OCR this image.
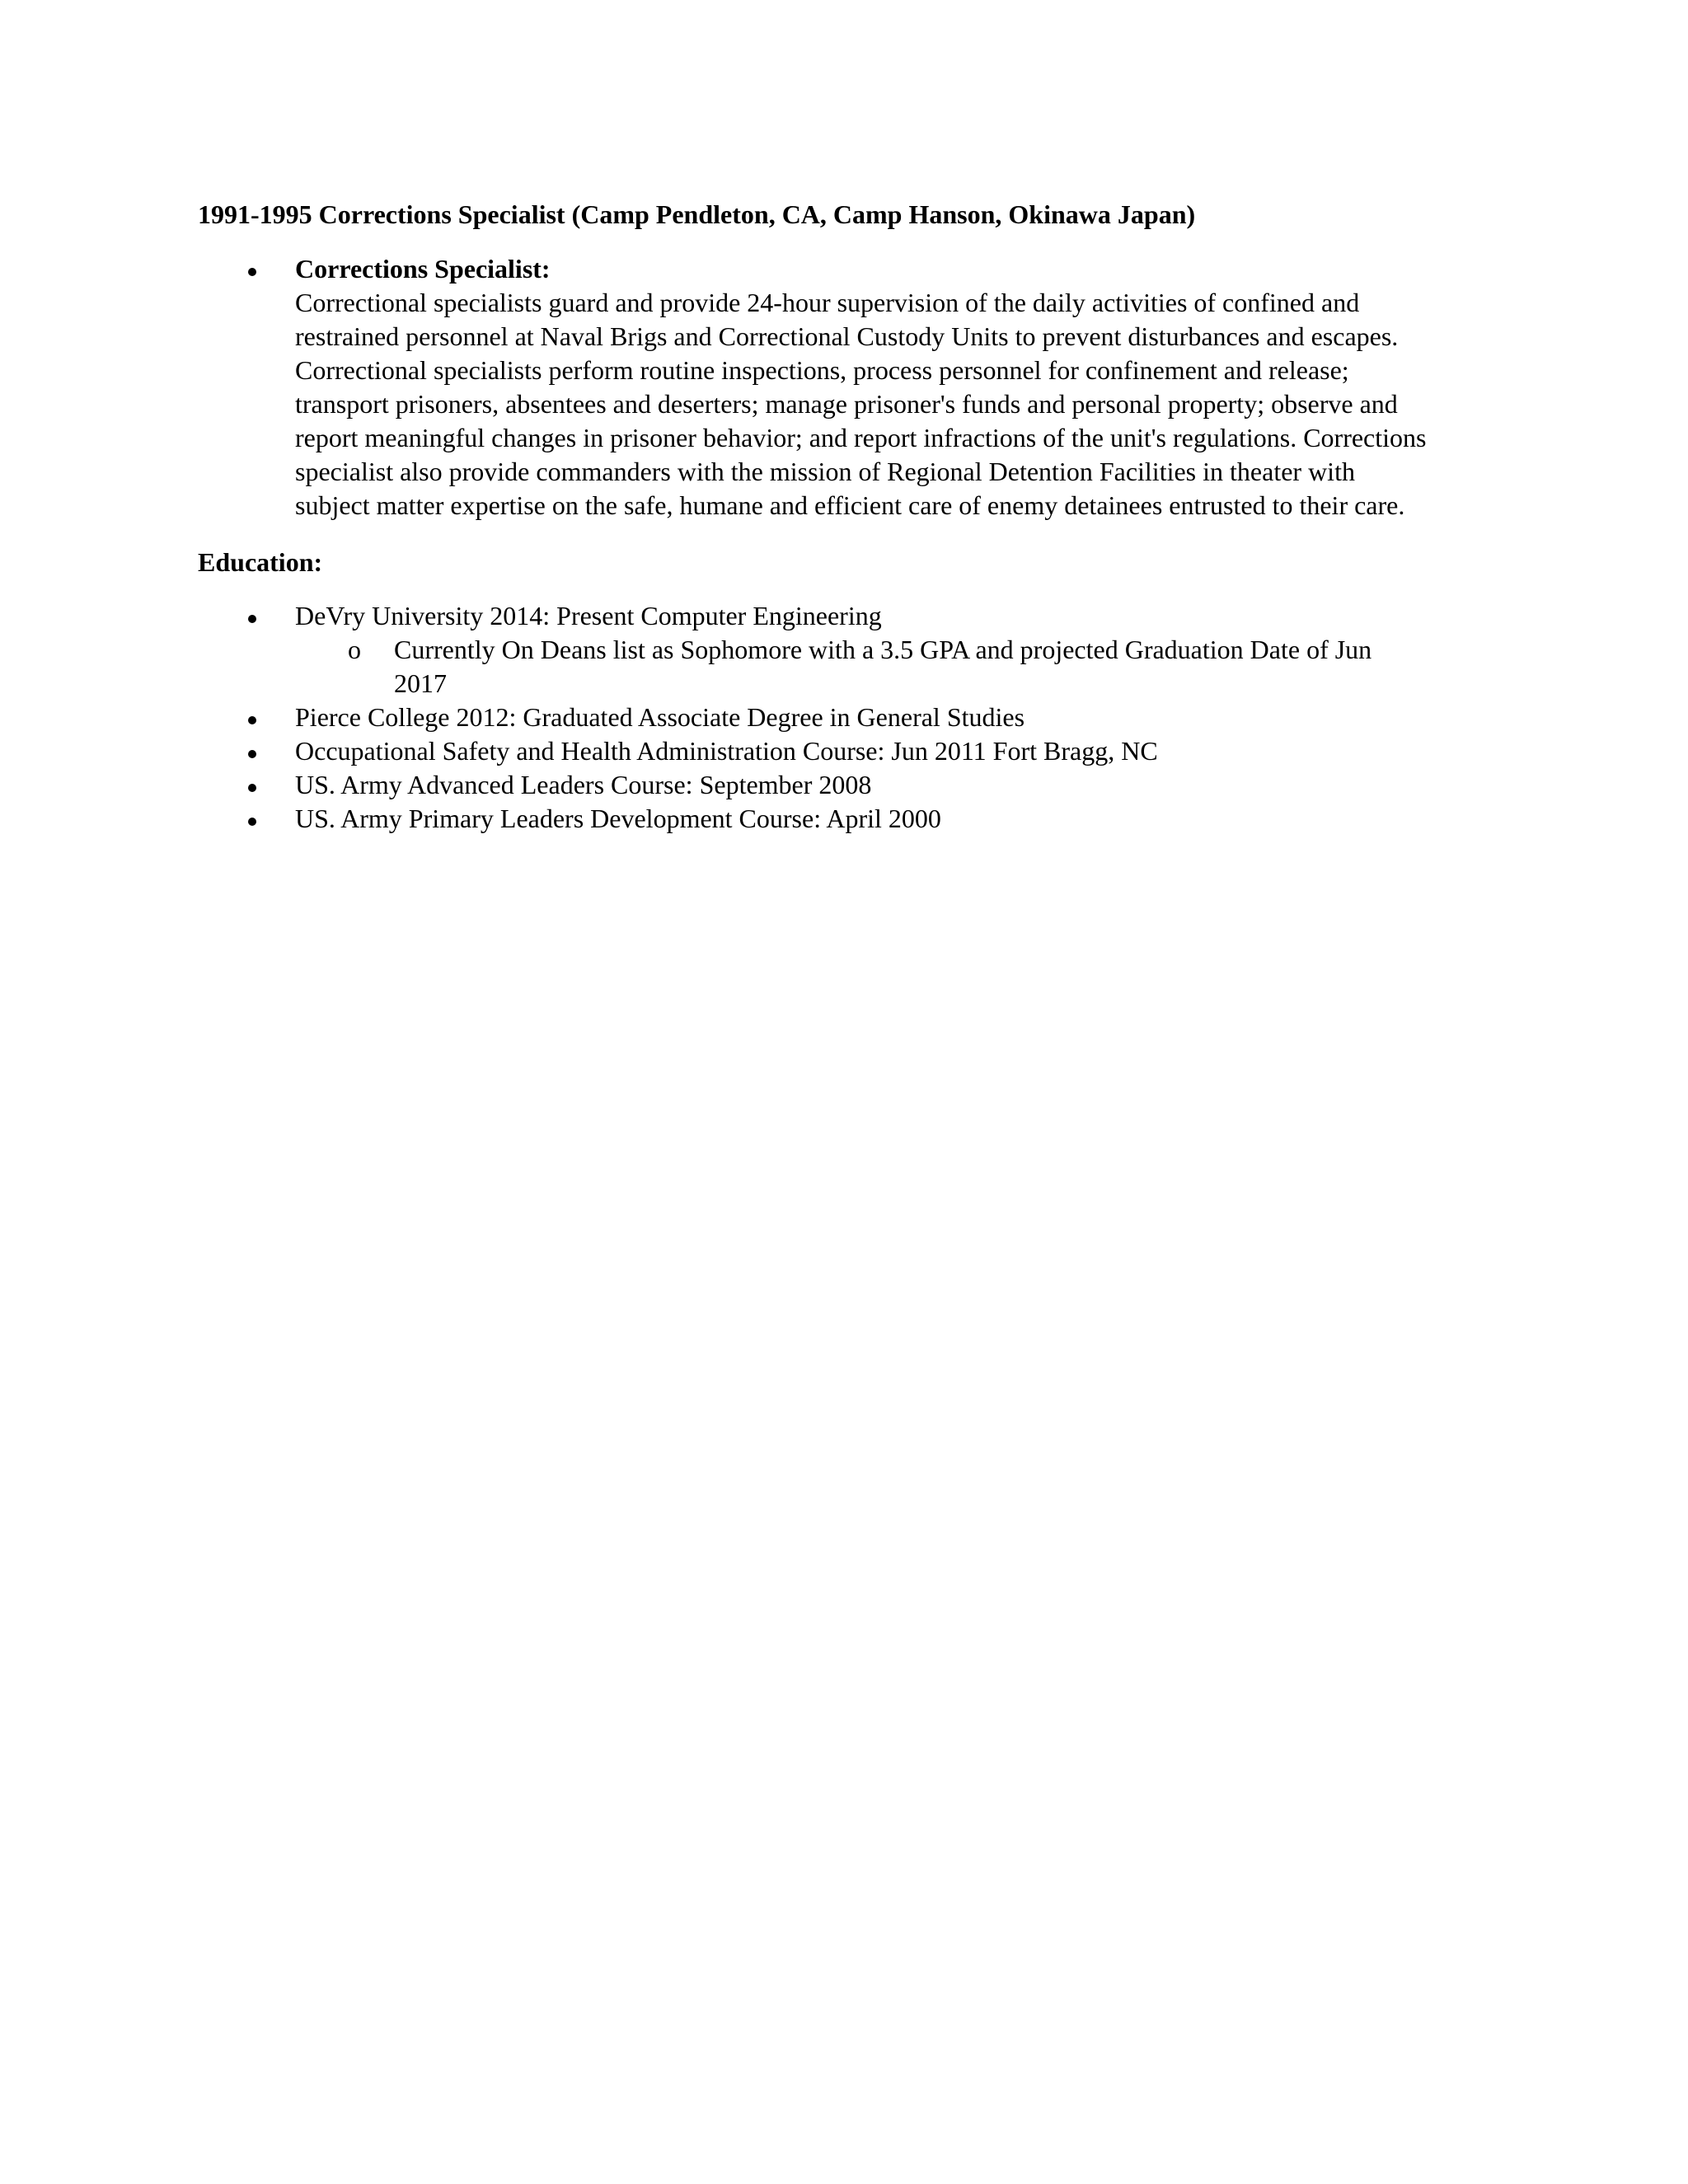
1991-1995 Corrections Specialist (Camp Pendleton, CA, Camp Hanson, Okinawa Japan)
Corrections Specialist:
Correctional specialists guard and provide 24-hour supervision of the daily activities of confined and
restrained personnel at Naval Brigs and Correctional Custody Units to prevent disturbances and escapes.
Correctional specialists perform routine inspections, process personnel for confinement and release;
transport prisoners, absentees and deserters; manage prisoner's funds and personal property; observe and
report meaningful changes in prisoner behavior; and report infractions of the unit's regulations. Corrections
specialist also provide commanders with the mission of Regional Detention Facilities in theater with
subject matter expertise on the safe, humane and efficient care of enemy detainees entrusted to their care.
Education:
DeVry University 2014: Present Computer Engineering
o	Currently On Deans list as Sophomore with a 3.5 GPA and projected Graduation Date of Jun
2017
Pierce College 2012: Graduated Associate Degree in General Studies
Occupational Safety and Health Administration Course: Jun 2011 Fort Bragg, NC
US. Army Advanced Leaders Course: September 2008
US. Army Primary Leaders Development Course: April 2000
